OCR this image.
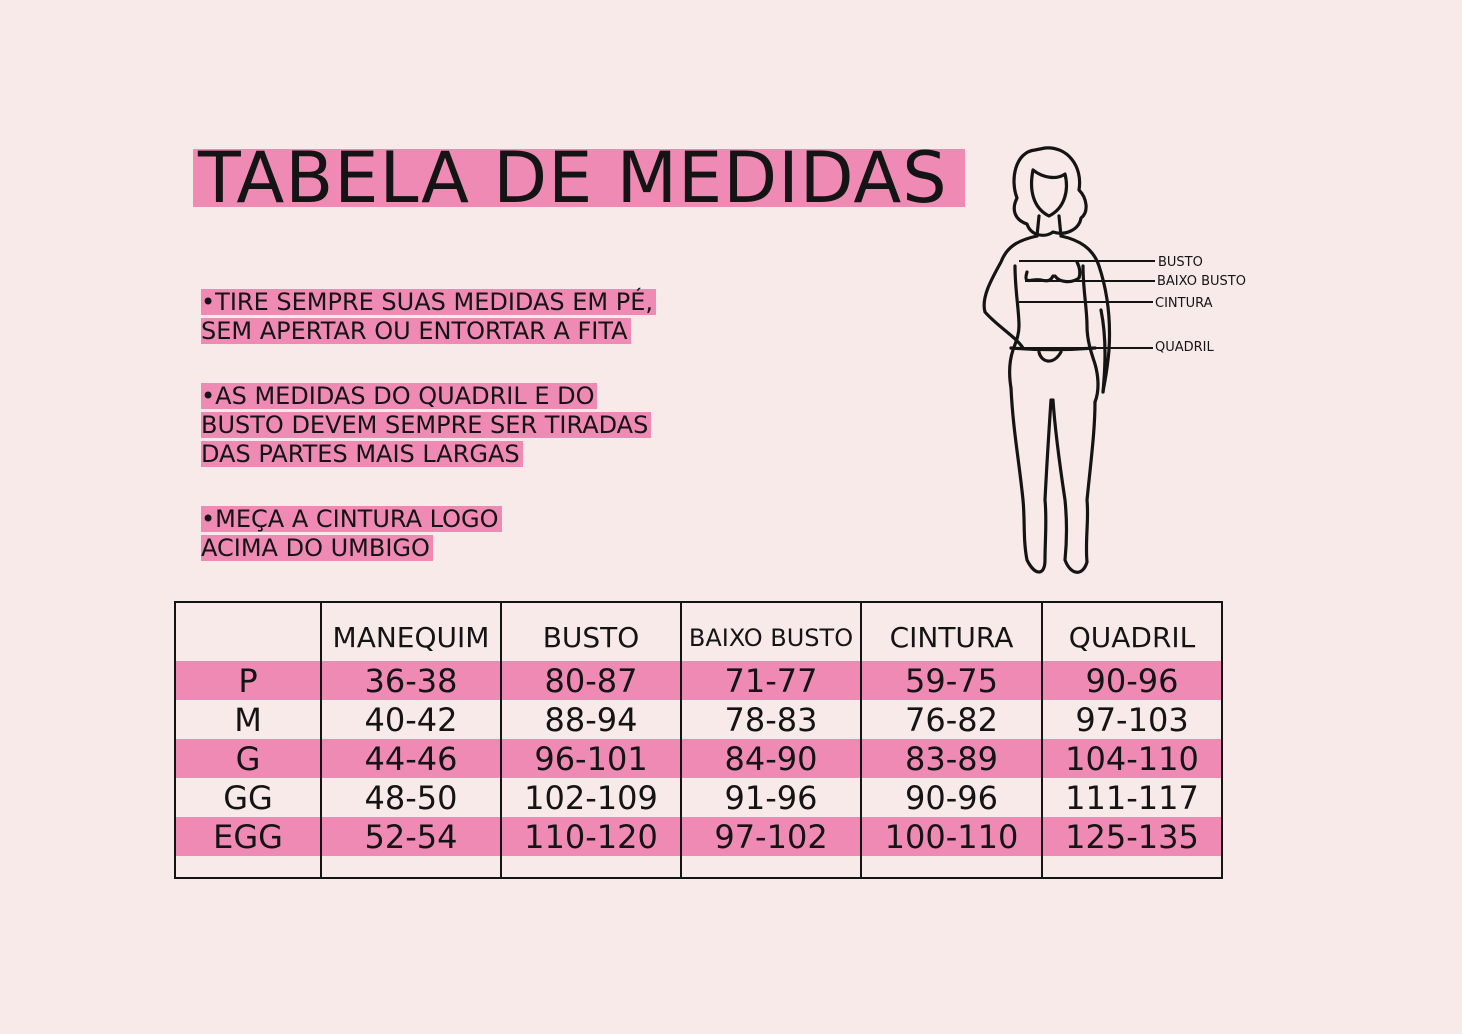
TABELA DE MEDIDAS
•TIRE SEMPRE SUAS MEDIDAS EM PÉ,
SEM APERTAR OU ENTORTAR A FITA
•AS MEDIDAS DO QUADRIL E DO
BUSTO DEVEM SEMPRE SER TIRADAS
DAS PARTES MAIS LARGAS
•MEÇA A CINTURA LOGO
ACIMA DO UMBIGO
BUSTO
BAIXO BUSTO
CINTURA
QUADRIL
	MANEQUIM	BUSTO	BAIXO BUSTO	CINTURA	QUADRIL
P	36-38	80-87	71-77	59-75	90-96
M	40-42	88-94	78-83	76-82	97-103
G	44-46	96-101	84-90	83-89	104-110
GG	48-50	102-109	91-96	90-96	111-117
EGG	52-54	110-120	97-102	100-110	125-135
